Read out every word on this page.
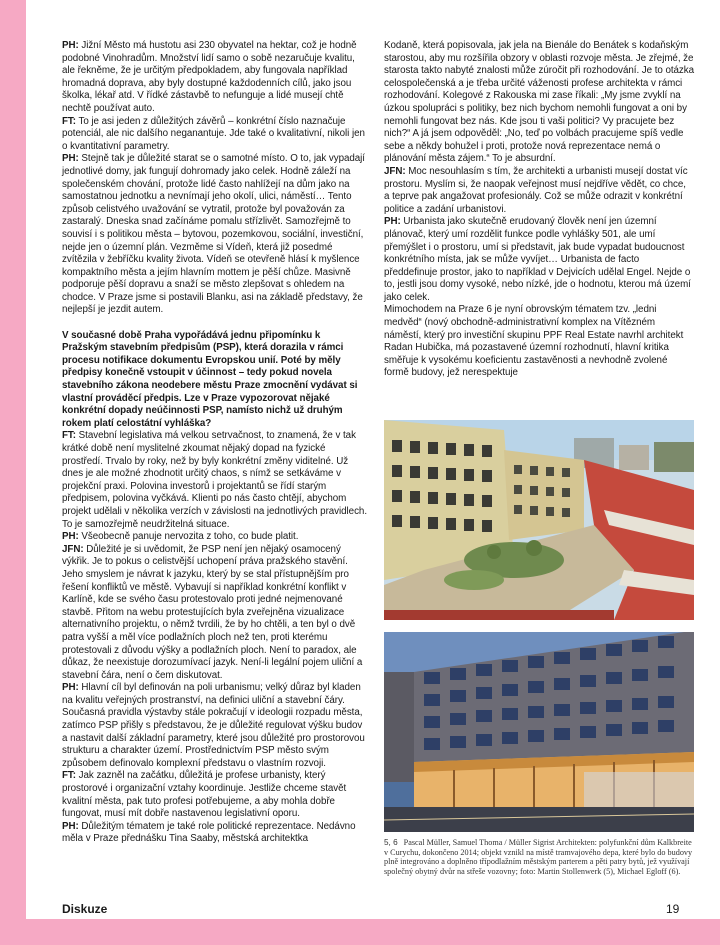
PH: Jižní Město má hustotu asi 230 obyvatel na hektar, což je hodně podobné Vinohradům. Množství lidí samo o sobě nezaručuje kvalitu, ale řekněme, že je určitým předpokladem, aby fungovala například hromadná doprava, aby byly dostupné každodenních cílů, jako jsou školka, lékař atd. V řídké zástavbě to nefunguje a lidé musejí chtě nechtě používat auto.

FT: To je asi jeden z důležitých závěrů – konkrétní číslo naznačuje potenciál, ale nic dalšího neganantuje. Jde také o kvalitativní, nikoli jen o kvantitativní parametry.

PH: Stejně tak je důležité starat se o samotné místo. O to, jak vypadají jednotlivé domy, jak fungují dohromady jako celek. Hodně záleží na společenském chování, protože lidé často nahlížejí na dům jako na samostatnou jednotku a nevnímají jeho okolí, ulici, náměstí… Tento způsob celistvého uvažování se vytratil, protože byl považován za zastaralý. Dneska snad začínáme pomalu střízlivět. Samozřejmě to souvisí i s politikou města – bytovou, pozemkovou, sociální, investiční, nejde jen o územní plán. Vezměme si Vídeň, která již posedmé zvítězila v žebříčku kvality života. Vídeň se otevřeně hlásí k myšlence kompaktního města a jejím hlavním mottem je pěší chůze. Masivně podporuje pěší dopravu a snaží se město zlepšovat s ohledem na chodce. V Praze jsme si postavili Blanku, asi na základě představy, že nejlepší je jezdit autem.

V současné době Praha vypořádává jednu připomínku k Pražským stavebním předpisům (PSP), která dorazila v rámci procesu notifikace dokumentu Evropskou unií. Poté by měly předpisy konečně vstoupit v účinnost – tedy pokud novela stavebního zákona neodebere městu Praze zmocnění vydávat si vlastní prováděcí předpis. Lze v Praze vypozorovat nějaké konkrétní dopady neúčinnosti PSP, namísto nichž už druhým rokem platí celostátní vyhláška?

FT: Stavební legislativa má velkou setrvačnost, to znamená, že v tak krátké době není myslitelné zkoumat nějaký dopad na fyzické prostředí. Trvalo by roky, než by byly konkrétní změny viditelné. Už dnes je ale možné zhodnotit určitý chaos, s nímž se setkáváme v projekční praxi. Polovina investorů i projektantů se řídí starým předpisem, polovina vyčkává. Klienti po nás často chtějí, abychom projekt udělali v několika verzích v závislosti na jednotlivých pravidlech. To je samozřejmě neudržitelná situace.

PH: Všeobecně panuje nervozita z toho, co bude platit.

JFN: Důležité je si uvědomit, že PSP není jen nějaký osamocený výkřik. Je to pokus o celistvější uchopení práva pražského stavění. Jeho smyslem je návrat k jazyku, který by se stal přístupnějším pro řešení konfliktů ve městě. Vybavují si například konkrétní konflikt v Karlíně, kde se svého času protestovalo proti jedné nejmenované stavbě. Přitom na webu protestujících byla zveřejněna vizualizace alternativního projektu, o němž tvrdili, že by ho chtěli, a ten byl o dvě patra vyšší a měl více podlažních ploch než ten, proti kterému protestovali z důvodu výšky a podlažních ploch. Není to paradox, ale důkaz, že neexistuje dorozumívací jazyk. Není-li legální pojem uliční a stavební čára, není o čem diskutovat.

PH: Hlavní cíl byl definován na poli urbanismu; velký důraz byl kladen na kvalitu veřejných prostranství, na definici uliční a stavební čáry. Současná pravidla výstavby stále pokračují v ideologii rozpadu města, zatímco PSP přišly s představou, že je důležité regulovat výšku budov a nastavit další základní parametry, které jsou důležité pro prostorovou strukturu a charakter území. Prostřednictvím PSP město svým způsobem definovalo komplexní představu o vlastním rozvoji.

FT: Jak zazněl na začátku, důležitá je profese urbanisty, který prostorové i organizační vztahy koordinuje. Jestliže chceme stavět kvalitní města, pak tuto profesi potřebujeme, a aby mohla dobře fungovat, musí mít dobře nastavenou legislativní oporu.

PH: Důležitým tématem je také role politické reprezentace. Nedávno měla v Praze přednášku Tina Saaby, městská architektka

Kodaně, která popisovala, jak jela na Bienále do Benátek s kodaňským starostou, aby mu rozšířila obzory v oblasti rozvoje města. Je zřejmé, že starosta takto nabyté znalosti může zúročit při rozhodování. Je to otázka celospolečenská a je třeba určité váženosti profese architekta v rámci rozhodování. Kolegové z Rakouska mi zase říkali: „My jsme zvyklí na úzkou spolupráci s politiky, bez nich bychom nemohli fungovat a oni by nemohli fungovat bez nás. Kde jsou ti vaši politici? Vy pracujete bez nich?“ A já jsem odpověděl: „No, teď po volbách pracujeme spíš vedle sebe a někdy bohužel i proti, protože nová reprezentace nemá o plánování města zájem.“ To je absurdní.

JFN: Moc nesouhlasím s tím, že architekti a urbanisti musejí dostat víc prostoru. Myslím si, že naopak veřejnost musí nejdříve vědět, co chce, a teprve pak angažovat profesionály. Což se může odrazit v konkrétní politice a zadání urbanistovi.

PH: Urbanista jako skutečně erudovaný člověk není jen územní plánovač, který umí rozdělit funkce podle vyhlášky 501, ale umí přemýšlet i o prostoru, umí si představit, jak bude vypadat budoucnost konkrétního místa, jak se může vyvíjet… Urbanista de facto předdefinuje prostor, jako to například v Dejvicích udělal Engel. Nejde o to, jestli jsou domy vysoké, nebo nízké, jde o hodnotu, kterou má území jako celek.

Mimochodem na Praze 6 je nyní obrovským tématem tzv. „ledni medvěd“ (nový obchodně-administrativní komplex na Vítězném náměstí, který pro investiční skupinu PPF Real Estate navrhl architekt Radan Hubička, má pozastavené územní rozhodnutí, hlavní kritika směřuje k vysokému koeficientu zastavěnosti a nevhodně zvolené formě budovy, jež nerespektuje

5, 6 Pascal Müller, Samuel Thoma / Müller Sigrist Architekten: polyfunkční dům Kalkbreite v Curychu, dokončeno 2014; objekt vznikl na místě tramvajového depa, které bylo do budovy plně integrováno a doplněno třípodlažním městským parterem a pěti patry bytů, jež využívají společný obytný dvůr na střeše vozovny; foto: Martin Stollenwerk (5), Michael Egloff (6).
Diskuze	19
